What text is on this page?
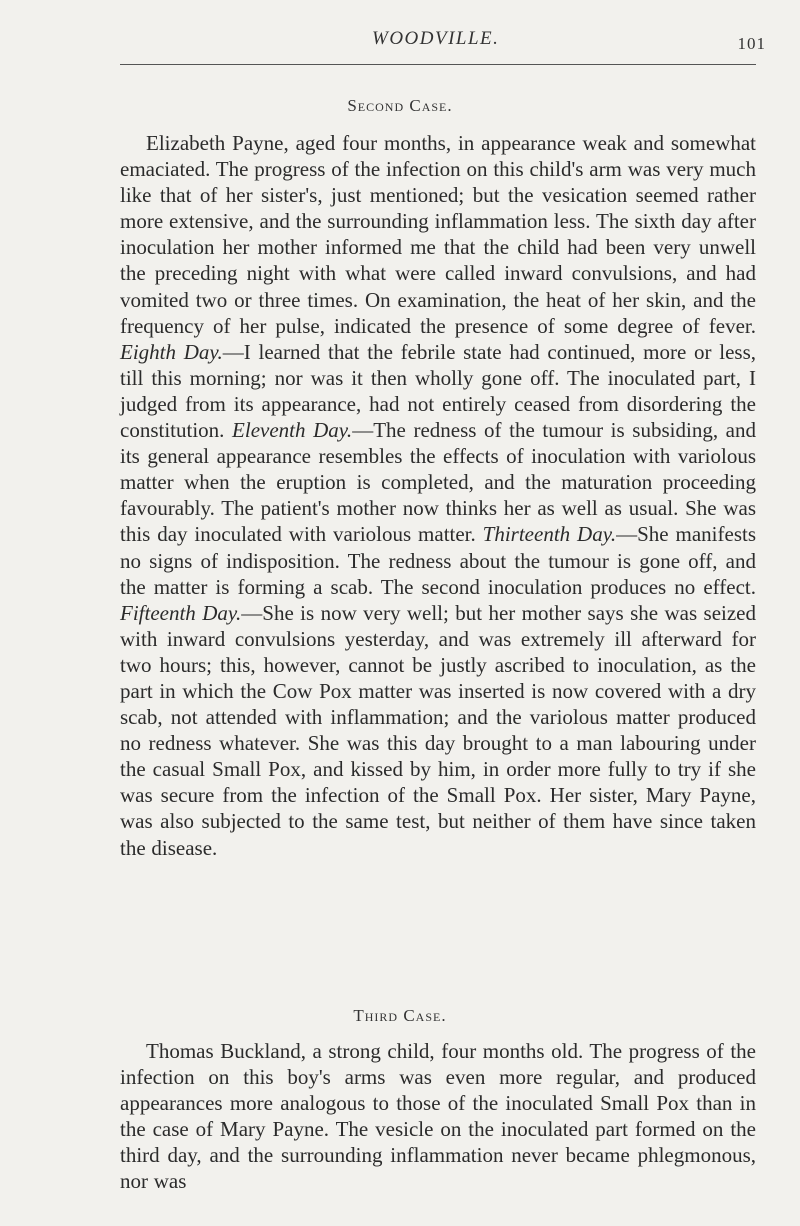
WOODVILLE.	101
Second Case.
Elizabeth Payne, aged four months, in appearance weak and somewhat emaciated. The progress of the infection on this child's arm was very much like that of her sister's, just mentioned; but the vesication seemed rather more extensive, and the surrounding inflammation less. The sixth day after inoculation her mother informed me that the child had been very unwell the preceding night with what were called inward convulsions, and had vomited two or three times. On examination, the heat of her skin, and the frequency of her pulse, indicated the presence of some degree of fever. Eighth Day.—I learned that the febrile state had continued, more or less, till this morning; nor was it then wholly gone off. The inoculated part, I judged from its appearance, had not entirely ceased from disordering the constitution. Eleventh Day.—The redness of the tumour is subsiding, and its general appearance resembles the effects of inoculation with variolous matter when the eruption is completed, and the maturation proceeding favourably. The patient's mother now thinks her as well as usual. She was this day inoculated with variolous matter. Thirteenth Day.—She manifests no signs of indisposition. The redness about the tumour is gone off, and the matter is forming a scab. The second inoculation produces no effect. Fifteenth Day.—She is now very well; but her mother says she was seized with inward convulsions yesterday, and was extremely ill afterward for two hours; this, however, cannot be justly ascribed to inoculation, as the part in which the Cow Pox matter was inserted is now covered with a dry scab, not attended with inflammation; and the variolous matter produced no redness whatever. She was this day brought to a man labouring under the casual Small Pox, and kissed by him, in order more fully to try if she was secure from the infection of the Small Pox. Her sister, Mary Payne, was also subjected to the same test, but neither of them have since taken the disease.
Third Case.
Thomas Buckland, a strong child, four months old. The progress of the infection on this boy's arms was even more regular, and produced appearances more analogous to those of the inoculated Small Pox than in the case of Mary Payne. The vesicle on the inoculated part formed on the third day, and the surrounding inflammation never became phlegmonous, nor was
